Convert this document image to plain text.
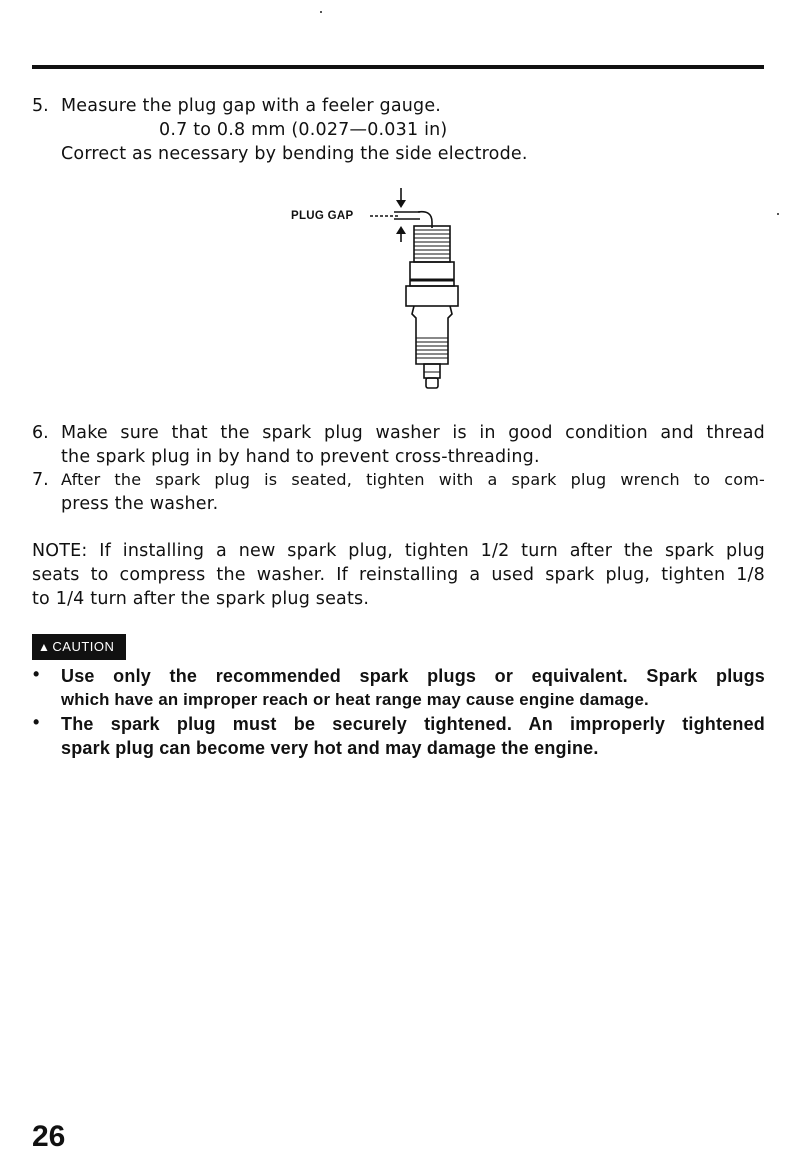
5. Measure the plug gap with a feeler gauge.
0.7 to 0.8 mm (0.027—0.031 in)
Correct as necessary by bending the side electrode.
PLUG GAP
6. Make sure that the spark plug washer is in good condition and thread
the spark plug in by hand to prevent cross-threading.
7. After the spark plug is seated, tighten with a spark plug wrench to com-
press the washer.
NOTE: If installing a new spark plug, tighten 1/2 turn after the spark plug
seats to compress the washer. If reinstalling a used spark plug, tighten 1/8
to 1/4 turn after the spark plug seats.
▲ CAUTION
• Use only the recommended spark plugs or equivalent. Spark plugs
which have an improper reach or heat range may cause engine damage.
• The spark plug must be securely tightened. An improperly tightened
spark plug can become very hot and may damage the engine.
26
